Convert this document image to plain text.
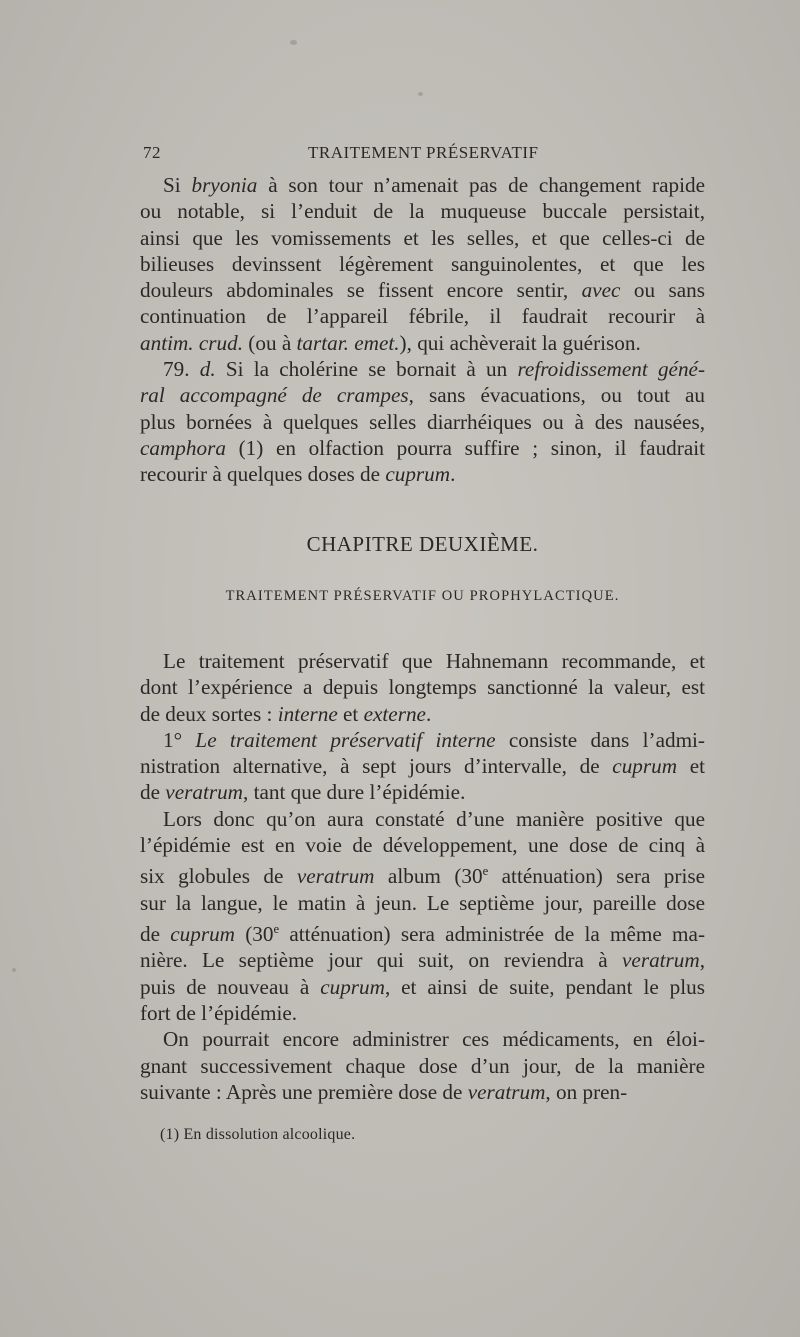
72	TRAITEMENT PRÉSERVATIF
Si bryonia à son tour n’amenait pas de changement rapide
ou notable, si l’enduit de la muqueuse buccale persistait,
ainsi que les vomissements et les selles, et que celles-ci de
bilieuses devinssent légèrement sanguinolentes, et que les
douleurs abdominales se fissent encore sentir, avec ou sans
continuation de l’appareil fébrile, il faudrait recourir à
antim. crud. (ou à tartar. emet.), qui achèverait la guérison.
79. d. Si la cholérine se bornait à un refroidissement géné-
ral accompagné de crampes, sans évacuations, ou tout au
plus bornées à quelques selles diarrhéiques ou à des nausées,
camphora (1) en olfaction pourra suffire ; sinon, il faudrait
recourir à quelques doses de cuprum.
CHAPITRE DEUXIÈME.
TRAITEMENT PRÉSERVATIF OU PROPHYLACTIQUE.
Le traitement préservatif que Hahnemann recommande, et
dont l’expérience a depuis longtemps sanctionné la valeur, est
de deux sortes : interne et externe.
1° Le traitement préservatif interne consiste dans l’admi-
nistration alternative, à sept jours d’intervalle, de cuprum et
de veratrum, tant que dure l’épidémie.
Lors donc qu’on aura constaté d’une manière positive que
l’épidémie est en voie de développement, une dose de cinq à
six globules de veratrum album (30e atténuation) sera prise
sur la langue, le matin à jeun. Le septième jour, pareille dose
de cuprum (30e atténuation) sera administrée de la même ma-
nière. Le septième jour qui suit, on reviendra à veratrum,
puis de nouveau à cuprum, et ainsi de suite, pendant le plus
fort de l’épidémie.
On pourrait encore administrer ces médicaments, en éloi-
gnant successivement chaque dose d’un jour, de la manière
suivante : Après une première dose de veratrum, on pren-
(1) En dissolution alcoolique.
